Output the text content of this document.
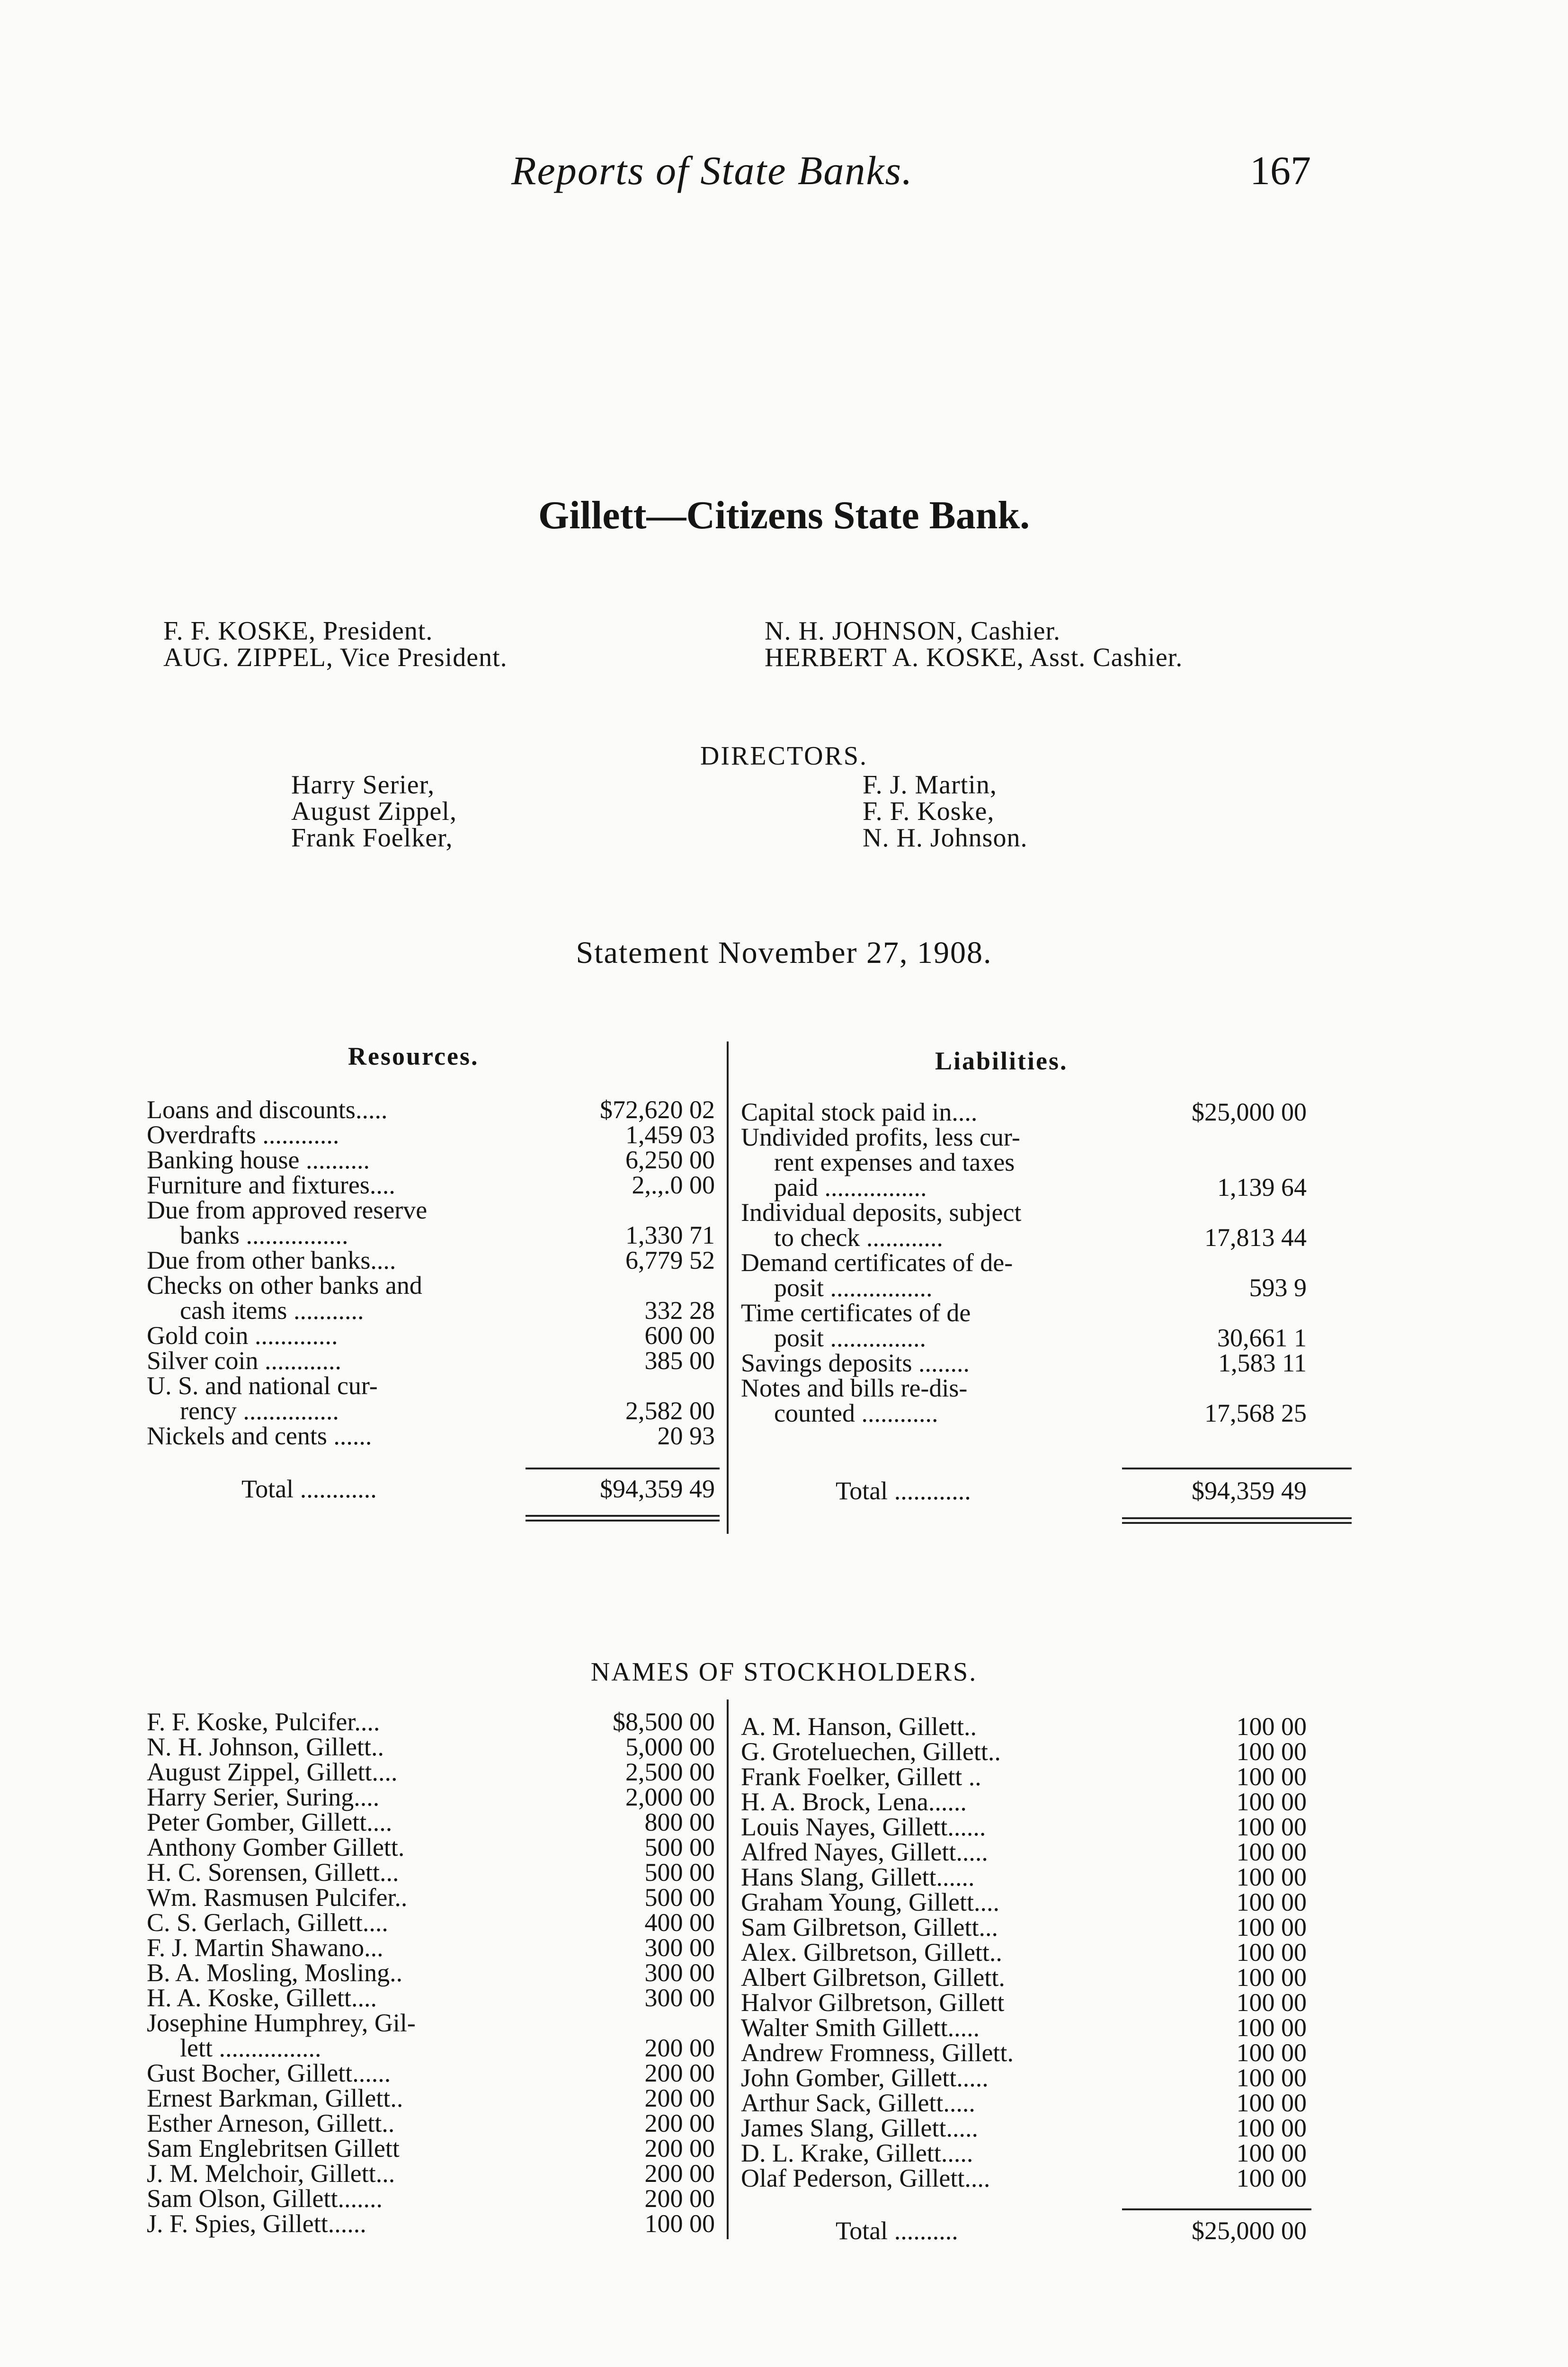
Reports of State Banks.	167
Gillett—Citizens State Bank.
F. F. KOSKE, President.
AUG. ZIPPEL, Vice President.
N. H. JOHNSON, Cashier.
HERBERT A. KOSKE, Asst. Cashier.
DIRECTORS.
Harry Serier,
August Zippel,
Frank Foelker,
F. J. Martin,
F. F. Koske,
N. H. Johnson.
Statement November 27, 1908.
Resources.	Liabilities.
Loans and discounts.....	$72,620 02
Overdrafts ............	1,459 03
Banking house ..........	6,250 00
Furniture and fixtures....	2,.,.0 00
Due from approved reserve
banks ................	1,330 71
Due from other banks....	6,779 52
Checks on other banks and
cash items ...........	332 28
Gold coin .............	600 00
Silver coin ............	385 00
U. S. and national cur-
rency ...............	2,582 00
Nickels and cents ......	20 93
Capital stock paid in....	$25,000 00
Undivided profits, less cur-
rent expenses and taxes
paid ................	1,139 64
Individual deposits, subject
to check ............	17,813 44
Demand certificates of de-
posit ................	593 9
Time certificates of de
posit ...............	30,661 1
Savings deposits ........	1,583 11
Notes and bills re-dis-
counted ............	17,568 25
Total ............	$94,359 49	Total ............	$94,359 49
NAMES OF STOCKHOLDERS.
F. F. Koske, Pulcifer....	$8,500 00
N. H. Johnson, Gillett..	5,000 00
August Zippel, Gillett....	2,500 00
Harry Serier, Suring....	2,000 00
Peter Gomber, Gillett....	800 00
Anthony Gomber Gillett.	500 00
H. C. Sorensen, Gillett...	500 00
Wm. Rasmusen Pulcifer..	500 00
C. S. Gerlach, Gillett....	400 00
F. J. Martin Shawano...	300 00
B. A. Mosling, Mosling..	300 00
H. A. Koske, Gillett....	300 00
Josephine Humphrey, Gil-
lett ................	200 00
Gust Bocher, Gillett......	200 00
Ernest Barkman, Gillett..	200 00
Esther Arneson, Gillett..	200 00
Sam Englebritsen Gillett	200 00
J. M. Melchoir, Gillett...	200 00
Sam Olson, Gillett.......	200 00
J. F. Spies, Gillett......	100 00
A. M. Hanson, Gillett..	100 00
G. Groteluechen, Gillett..	100 00
Frank Foelker, Gillett ..	100 00
H. A. Brock, Lena......	100 00
Louis Nayes, Gillett......	100 00
Alfred Nayes, Gillett.....	100 00
Hans Slang, Gillett......	100 00
Graham Young, Gillett....	100 00
Sam Gilbretson, Gillett...	100 00
Alex. Gilbretson, Gillett..	100 00
Albert Gilbretson, Gillett.	100 00
Halvor Gilbretson, Gillett	100 00
Walter Smith Gillett.....	100 00
Andrew Fromness, Gillett.	100 00
John Gomber, Gillett.....	100 00
Arthur Sack, Gillett.....	100 00
James Slang, Gillett.....	100 00
D. L. Krake, Gillett.....	100 00
Olaf Pederson, Gillett....	100 00
Total ..........	$25,000 00
